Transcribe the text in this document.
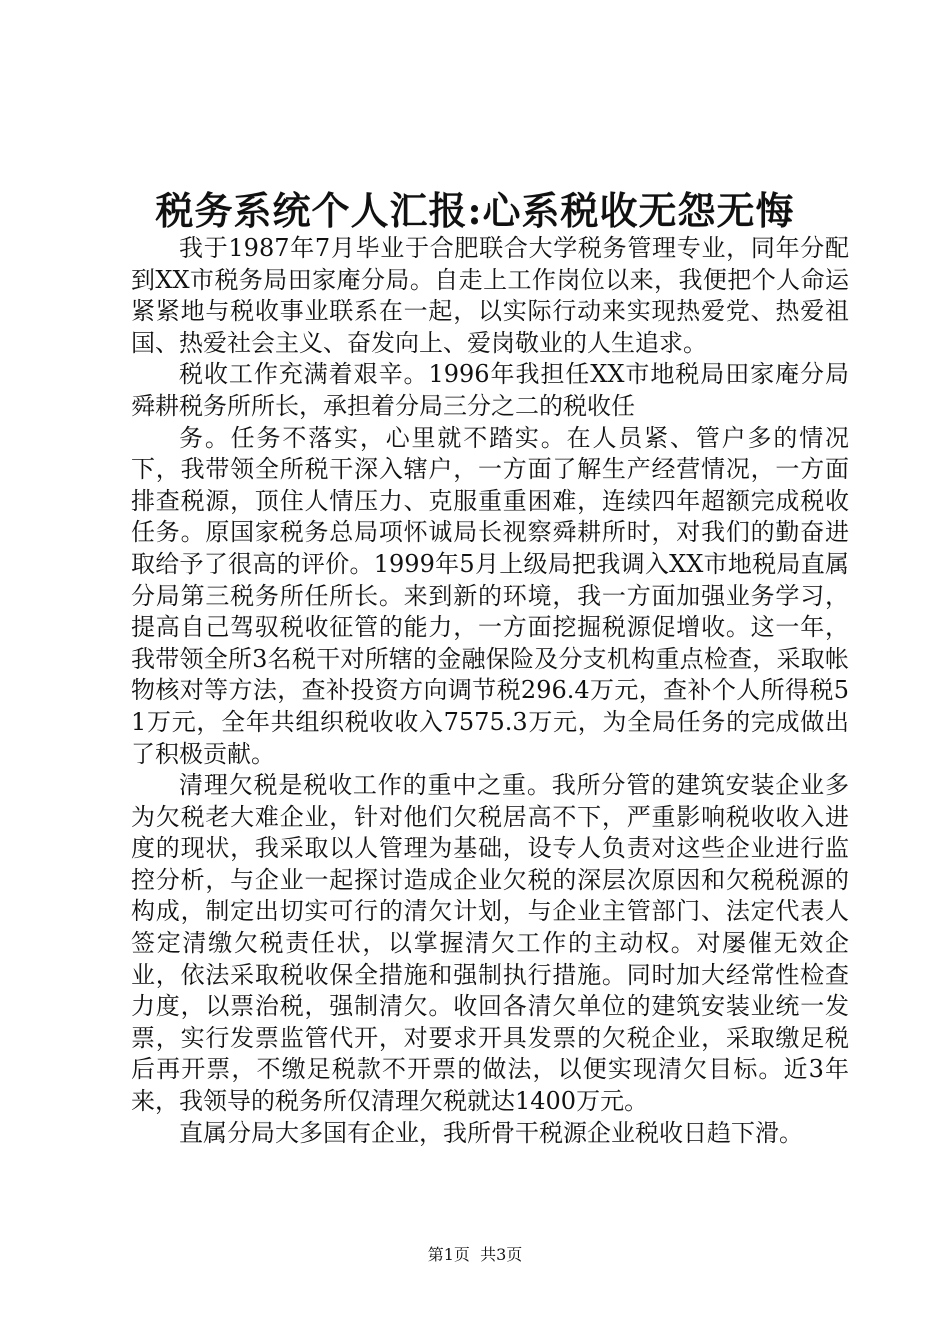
税务系统个人汇报:心系税收无怨无悔

我于1987年7月毕业于合肥联合大学税务管理专业，同年分配到XX市税务局田家庵分局。自走上工作岗位以来，我便把个人命运紧紧地与税收事业联系在一起，以实际行动来实现热爱党、热爱祖国、热爱社会主义、奋发向上、爱岗敬业的人生追求。

税收工作充满着艰辛。1996年我担任XX市地税局田家庵分局舜耕税务所所长，承担着分局三分之二的税收任

务。任务不落实，心里就不踏实。在人员紧、管户多的情况下，我带领全所税干深入辖户，一方面了解生产经营情况，一方面排查税源，顶住人情压力、克服重重困难，连续四年超额完成税收任务。原国家税务总局项怀诚局长视察舜耕所时，对我们的勤奋进取给予了很高的评价。1999年5月上级局把我调入XX市地税局直属分局第三税务所任所长。来到新的环境，我一方面加强业务学习，提高自己驾驭税收征管的能力，一方面挖掘税源促增收。这一年，我带领全所3名税干对所辖的金融保险及分支机构重点检查，采取帐物核对等方法，查补投资方向调节税296.4万元，查补个人所得税51万元，全年共组织税收收入7575.3万元，为全局任务的完成做出了积极贡献。

清理欠税是税收工作的重中之重。我所分管的建筑安装企业多为欠税老大难企业，针对他们欠税居高不下，严重影响税收收入进度的现状，我采取以人管理为基础，设专人负责对这些企业进行监控分析，与企业一起探讨造成企业欠税的深层次原因和欠税税源的构成，制定出切实可行的清欠计划，与企业主管部门、法定代表人签定清缴欠税责任状，以掌握清欠工作的主动权。对屡催无效企业，依法采取税收保全措施和强制执行措施。同时加大经常性检查力度，以票治税，强制清欠。收回各清欠单位的建筑安装业统一发票，实行发票监管代开，对要求开具发票的欠税企业，采取缴足税后再开票，不缴足税款不开票的做法，以便实现清欠目标。近3年来，我领导的税务所仅清理欠税就达1400万元。

直属分局大多国有企业，我所骨干税源企业税收日趋下滑。

第1页 共3页
